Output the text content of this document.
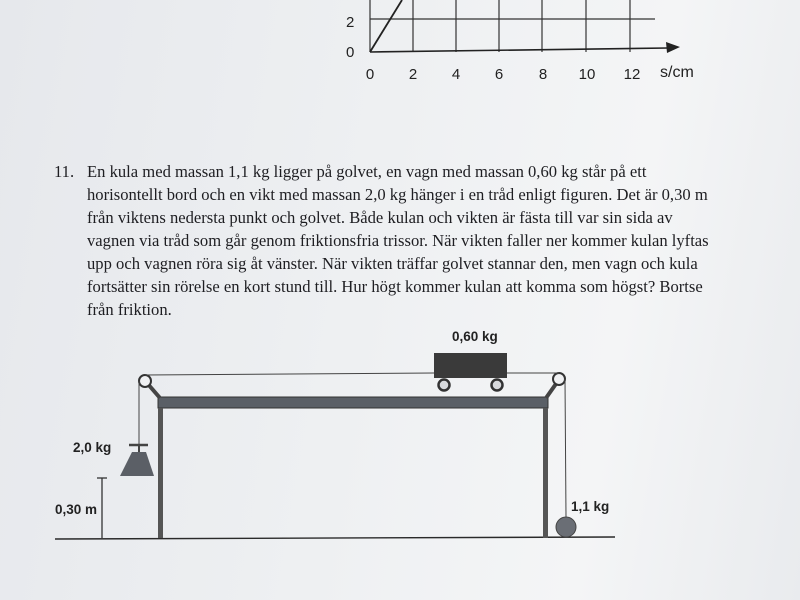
2
0
0 2 4 6 8 10 12 s/cm
11. En kula med massan 1,1 kg ligger på golvet, en vagn med massan 0,60 kg står på ett
horisontellt bord och en vikt med massan 2,0 kg hänger i en tråd enligt figuren. Det är 0,30 m
från viktens nedersta punkt och golvet. Både kulan och vikten är fästa till var sin sida av
vagnen via tråd som går genom friktionsfria trissor. När vikten faller ner kommer kulan lyftas
upp och vagnen röra sig åt vänster. När vikten träffar golvet stannar den, men vagn och kula
fortsätter sin rörelse en kort stund till. Hur högt kommer kulan att komma som högst? Bortse
från friktion.
0,60 kg
2,0 kg
0,30 m	1,1 kg
